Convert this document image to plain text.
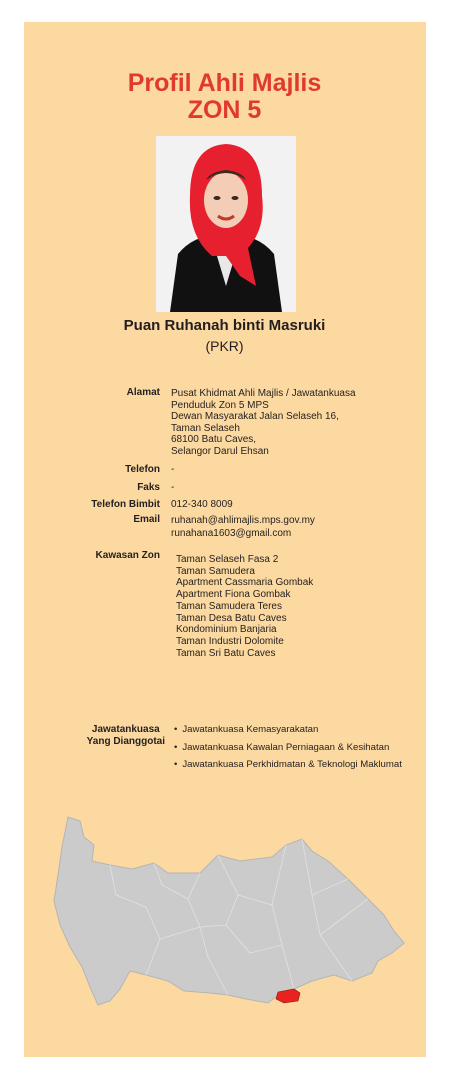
Profil Ahli Majlis
ZON 5
Puan Ruhanah binti Masruki
(PKR)
Alamat Pusat Khidmat Ahli Majlis / Jawatankuasa
Penduduk Zon 5 MPS
Dewan Masyarakat Jalan Selaseh 16,
Taman Selaseh
68100 Batu Caves,
Selangor Darul Ehsan
Telefon -
Faks -
Telefon Bimbit 012-340 8009
Email ruhanah@ahlimajlis.mps.gov.my
runahana1603@gmail.com
Kawasan Zon Taman Selaseh Fasa 2
Taman Samudera
Apartment Cassmaria Gombak
Apartment Fiona Gombak
Taman Samudera Teres
Taman Desa Batu Caves
Kondominium Banjaria
Taman Industri Dolomite
Taman Sri Batu Caves
Jawatankuasa
Yang Dianggotai
• Jawatankuasa Kemasyarakatan
• Jawatankuasa Kawalan Perniagaan & Kesihatan
• Jawatankuasa Perkhidmatan & Teknologi Maklumat
